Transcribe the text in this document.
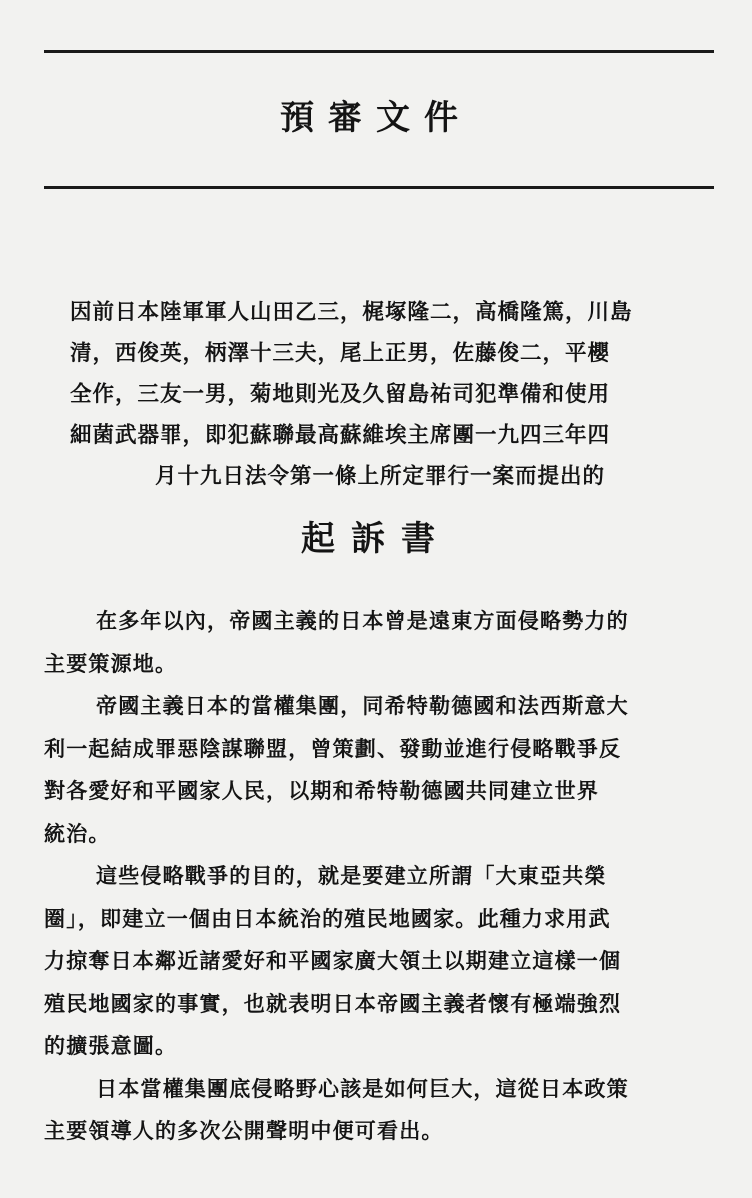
預審文件
因前日本陸軍軍人山田乙三，梶塚隆二，高橋隆篤，川島
清，西俊英，柄澤十三夫，尾上正男，佐藤俊二，平櫻
全作，三友一男，菊地則光及久留島祐司犯準備和使用
細菌武器罪，即犯蘇聯最高蘇維埃主席團一九四三年四
月十九日法令第一條上所定罪行一案而提出的
起訴書
在多年以內，帝國主義的日本曾是遠東方面侵略勢力的
主要策源地。
帝國主義日本的當權集團，同希特勒德國和法西斯意大
利一起結成罪惡陰謀聯盟，曾策劃、發動並進行侵略戰爭反
對各愛好和平國家人民，以期和希特勒德國共同建立世界
統治。
這些侵略戰爭的目的，就是要建立所謂「大東亞共榮
圈」，即建立一個由日本統治的殖民地國家。此種力求用武
力掠奪日本鄰近諸愛好和平國家廣大領土以期建立這樣一個
殖民地國家的事實，也就表明日本帝國主義者懷有極端強烈
的擴張意圖。
日本當權集團底侵略野心該是如何巨大，這從日本政策
主要領導人的多次公開聲明中便可看出。
